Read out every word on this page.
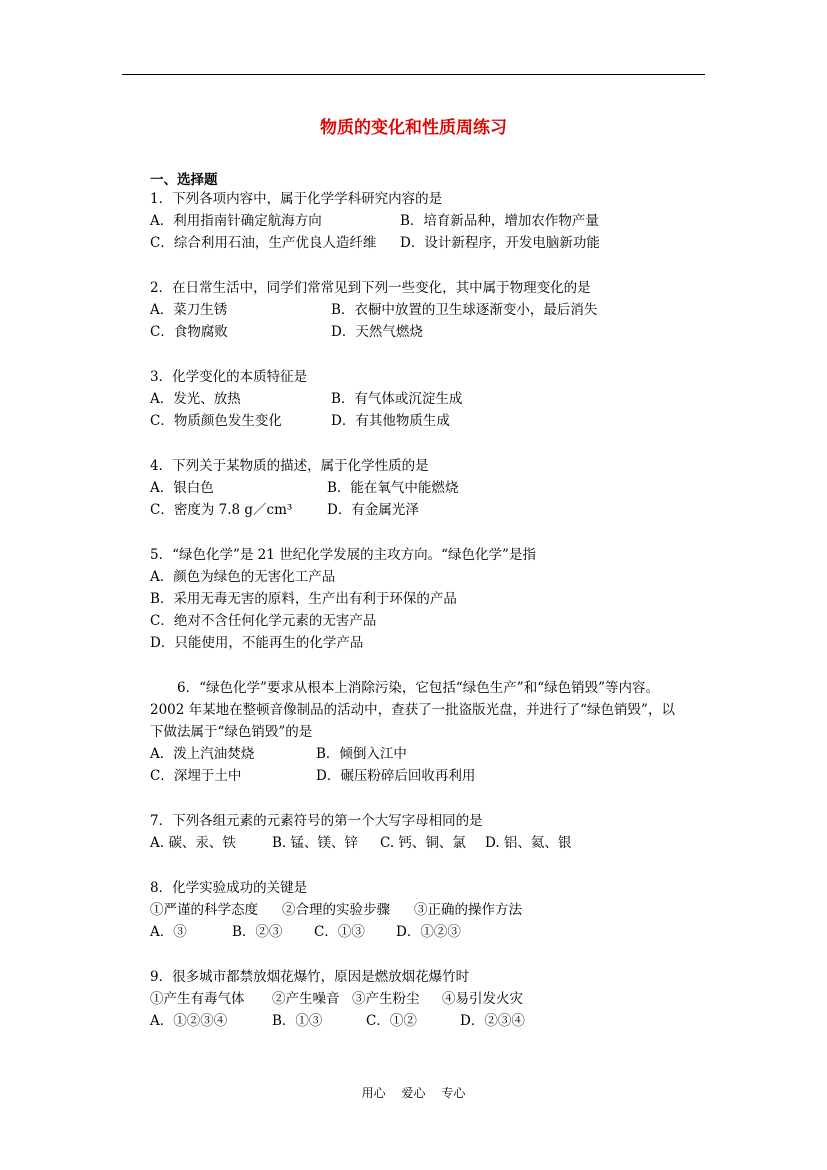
物质的变化和性质周练习
一、选择题
1．下列各项内容中，属于化学学科研究内容的是
A．利用指南针确定航海方向	B．培育新品种，增加农作物产量
C．综合利用石油，生产优良人造纤维 D．设计新程序，开发电脑新功能
2．在日常生活中，同学们常常见到下列一些变化，其中属于物理变化的是
A．菜刀生锈	B．衣橱中放置的卫生球逐渐变小，最后消失
C．食物腐败	D．天然气燃烧
3．化学变化的本质特征是
A．发光、放热	B．有气体或沉淀生成
C．物质颜色发生变化	D．有其他物质生成
4．下列关于某物质的描述，属于化学性质的是
A．银白色	B．能在氧气中能燃烧
C．密度为 7.8 g／cm³	D．有金属光泽
5．“绿色化学”是 21 世纪化学发展的主攻方向。“绿色化学”是指
A．颜色为绿色的无害化工产品
B．采用无毒无害的原料，生产出有利于环保的产品
C．绝对不含任何化学元素的无害产品
D．只能使用，不能再生的化学产品
6．“绿色化学”要求从根本上消除污染，它包括“绿色生产”和“绿色销毁”等内容。2002 年某地在整顿音像制品的活动中，查获了一批盗版光盘，并进行了“绿色销毁”，以下做法属于“绿色销毁”的是
A．泼上汽油焚烧	B．倾倒入江中
C．深埋于土中	D．碾压粉碎后回收再利用
7．下列各组元素的元素符号的第一个大写字母相同的是
A. 碳、汞、铁	B. 锰、镁、锌 C. 钙、铜、氯 D. 铝、氦、银
8．化学实验成功的关键是
①严谨的科学态度 ②合理的实验步骤 ③正确的操作方法
A．③	B．②③ C．①③ D．①②③
9．很多城市都禁放烟花爆竹，原因是燃放烟花爆竹时
①产生有毒气体 ②产生噪音 ③产生粉尘 ④易引发火灾
A．①②③④	B．①③	C．①②	D．②③④
用心 爱心 专心
